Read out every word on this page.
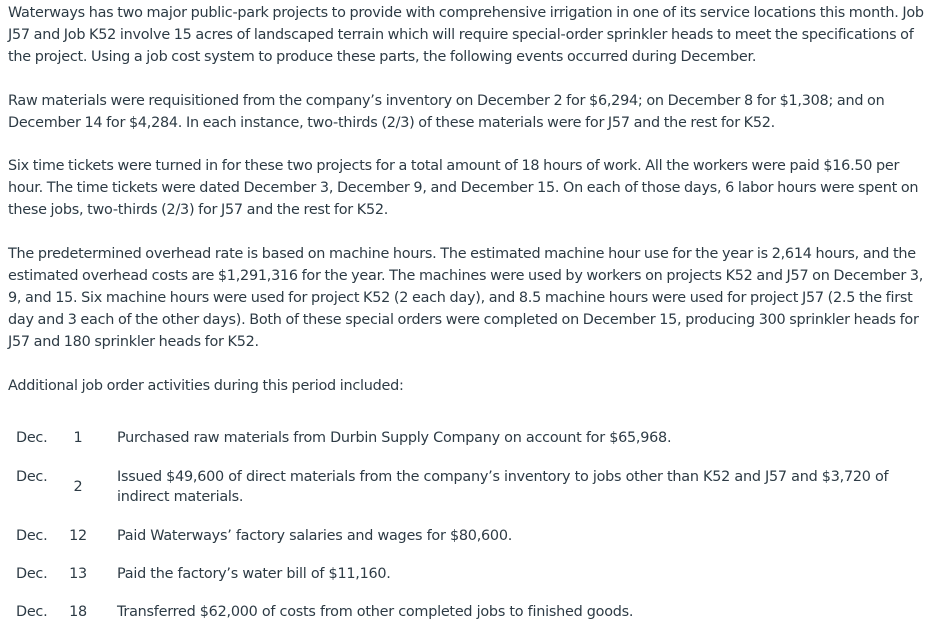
Waterways has two major public-park projects to provide with comprehensive irrigation in one of its service locations this month. Job J57 and Job K52 involve 15 acres of landscaped terrain which will require special-order sprinkler heads to meet the specifications of the project. Using a job cost system to produce these parts, the following events occurred during December.

Raw materials were requisitioned from the company’s inventory on December 2 for $6,294; on December 8 for $1,308; and on December 14 for $4,284. In each instance, two-thirds (2/3) of these materials were for J57 and the rest for K52.

Six time tickets were turned in for these two projects for a total amount of 18 hours of work. All the workers were paid $16.50 per hour. The time tickets were dated December 3, December 9, and December 15. On each of those days, 6 labor hours were spent on these jobs, two-thirds (2/3) for J57 and the rest for K52.

The predetermined overhead rate is based on machine hours. The estimated machine hour use for the year is 2,614 hours, and the estimated overhead costs are $1,291,316 for the year. The machines were used by workers on projects K52 and J57 on December 3, 9, and 15. Six machine hours were used for project K52 (2 each day), and 8.5 machine hours were used for project J57 (2.5 the first day and 3 each of the other days). Both of these special orders were completed on December 15, producing 300 sprinkler heads for J57 and 180 sprinkler heads for K52.

Additional job order activities during this period included:

Dec.	1	Purchased raw materials from Durbin Supply Company on account for $65,968.
Dec.
2
Issued $49,600 of direct materials from the company’s inventory to jobs other than K52 and J57 and $3,720 of indirect materials.
Dec. 12 Paid Waterways’ factory salaries and wages for $80,600.
Dec. 13 Paid the factory’s water bill of $11,160.
Dec. 18 Transferred $62,000 of costs from other completed jobs to finished goods.
